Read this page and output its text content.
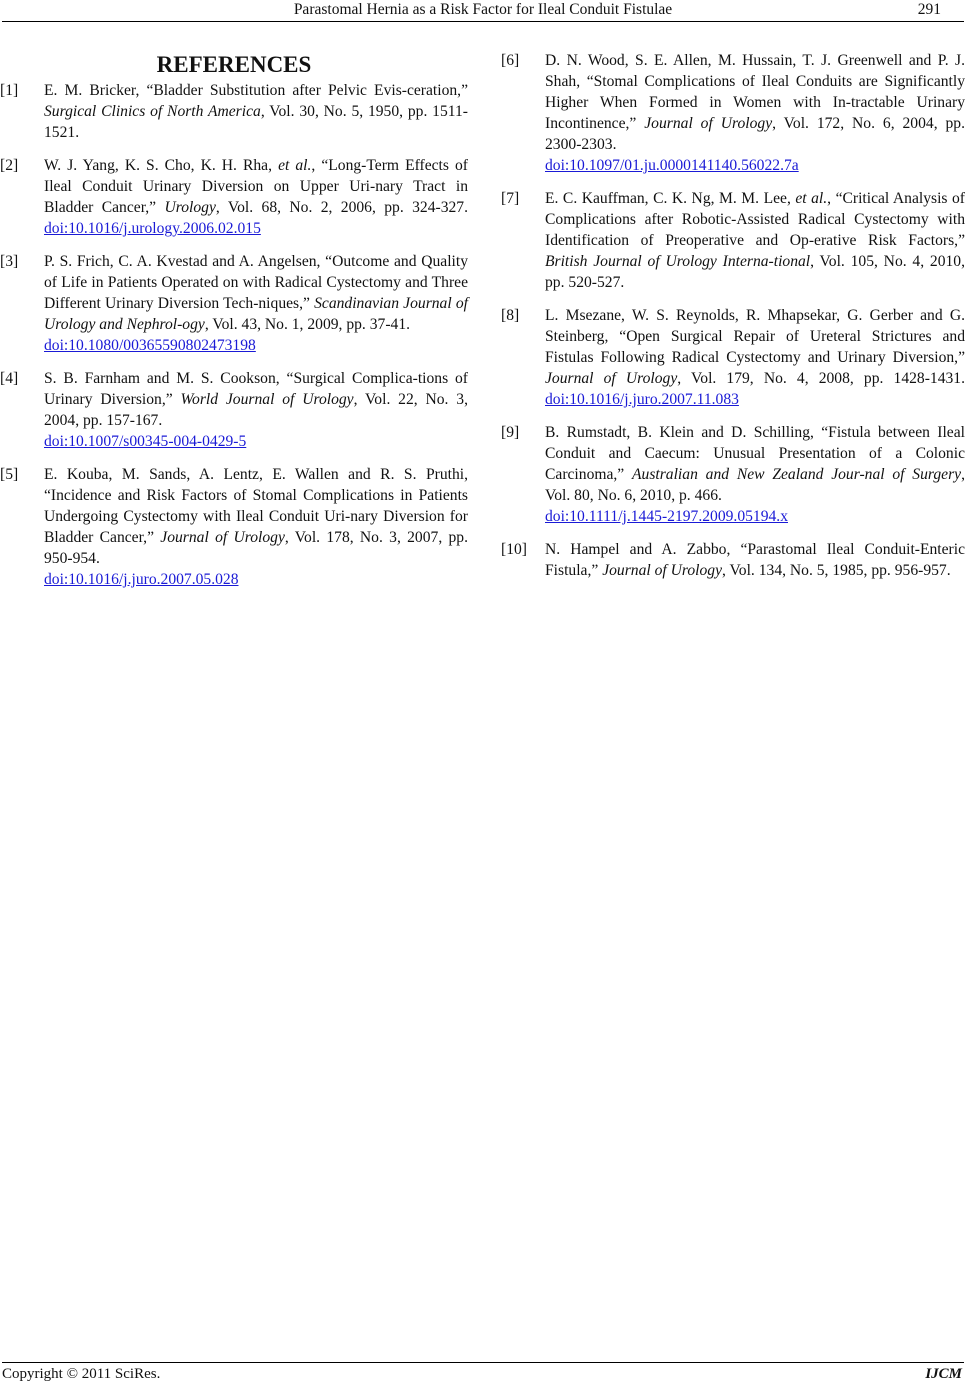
Parastomal Hernia as a Risk Factor for Ileal Conduit Fistulae	291
REFERENCES
[1]	E. M. Bricker, “Bladder Substitution after Pelvic Evis-ceration,” Surgical Clinics of North America, Vol. 30, No. 5, 1950, pp. 1511-1521.
[2]	W. J. Yang, K. S. Cho, K. H. Rha, et al., “Long-Term Effects of Ileal Conduit Urinary Diversion on Upper Uri-nary Tract in Bladder Cancer,” Urology, Vol. 68, No. 2, 2006, pp. 324-327. doi:10.1016/j.urology.2006.02.015
[3]	P. S. Frich, C. A. Kvestad and A. Angelsen, “Outcome and Quality of Life in Patients Operated on with Radical Cystectomy and Three Different Urinary Diversion Tech-niques,” Scandinavian Journal of Urology and Nephrol-ogy, Vol. 43, No. 1, 2009, pp. 37-41.
doi:10.1080/00365590802473198
[4]	S. B. Farnham and M. S. Cookson, “Surgical Complica-tions of Urinary Diversion,” World Journal of Urology, Vol. 22, No. 3, 2004, pp. 157-167.
doi:10.1007/s00345-004-0429-5
[5]	E. Kouba, M. Sands, A. Lentz, E. Wallen and R. S. Pruthi, “Incidence and Risk Factors of Stomal Complications in Patients Undergoing Cystectomy with Ileal Conduit Uri-nary Diversion for Bladder Cancer,” Journal of Urology, Vol. 178, No. 3, 2007, pp. 950-954.
doi:10.1016/j.juro.2007.05.028
[6]	D. N. Wood, S. E. Allen, M. Hussain, T. J. Greenwell and P. J. Shah, “Stomal Complications of Ileal Conduits are Significantly Higher When Formed in Women with In-tractable Urinary Incontinence,” Journal of Urology, Vol. 172, No. 6, 2004, pp. 2300-2303.
doi:10.1097/01.ju.0000141140.56022.7a
[7]	E. C. Kauffman, C. K. Ng, M. M. Lee, et al., “Critical Analysis of Complications after Robotic-Assisted Radical Cystectomy with Identification of Preoperative and Op-erative Risk Factors,” British Journal of Urology Interna-tional, Vol. 105, No. 4, 2010, pp. 520-527.
[8]	L. Msezane, W. S. Reynolds, R. Mhapsekar, G. Gerber and G. Steinberg, “Open Surgical Repair of Ureteral Strictures and Fistulas Following Radical Cystectomy and Urinary Diversion,” Journal of Urology, Vol. 179, No. 4, 2008, pp. 1428-1431. doi:10.1016/j.juro.2007.11.083
[9]	B. Rumstadt, B. Klein and D. Schilling, “Fistula between Ileal Conduit and Caecum: Unusual Presentation of a Colonic Carcinoma,” Australian and New Zealand Jour-nal of Surgery, Vol. 80, No. 6, 2010, p. 466.
doi:10.1111/j.1445-2197.2009.05194.x
[10]	N. Hampel and A. Zabbo, “Parastomal Ileal Conduit-Enteric Fistula,” Journal of Urology, Vol. 134, No. 5, 1985, pp. 956-957.
Copyright © 2011 SciRes.	IJCM
